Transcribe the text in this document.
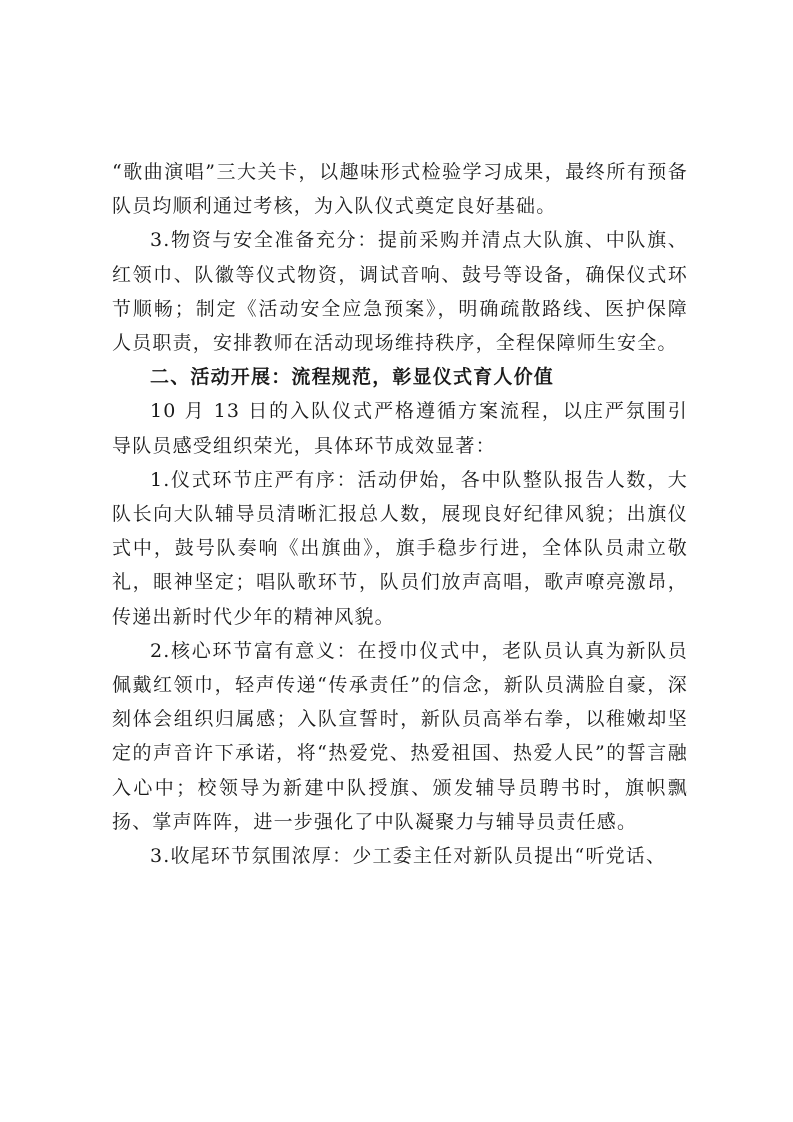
“歌曲演唱”三大关卡，以趣味形式检验学习成果，最终所有预备队员均顺利通过考核，为入队仪式奠定良好基础。

3.物资与安全准备充分：提前采购并清点大队旗、中队旗、红领巾、队徽等仪式物资，调试音响、鼓号等设备，确保仪式环节顺畅；制定《活动安全应急预案》，明确疏散路线、医护保障人员职责，安排教师在活动现场维持秩序，全程保障师生安全。

二、活动开展：流程规范，彰显仪式育人价值

10 月 13 日的入队仪式严格遵循方案流程，以庄严氛围引导队员感受组织荣光，具体环节成效显著：

1.仪式环节庄严有序：活动伊始，各中队整队报告人数，大队长向大队辅导员清晰汇报总人数，展现良好纪律风貌；出旗仪式中，鼓号队奏响《出旗曲》，旗手稳步行进，全体队员肃立敬礼，眼神坚定；唱队歌环节，队员们放声高唱，歌声嘹亮激昂，传递出新时代少年的精神风貌。

2.核心环节富有意义：在授巾仪式中，老队员认真为新队员佩戴红领巾，轻声传递“传承责任”的信念，新队员满脸自豪，深刻体会组织归属感；入队宣誓时，新队员高举右拳，以稚嫩却坚定的声音许下承诺，将“热爱党、热爱祖国、热爱人民”的誓言融入心中；校领导为新建中队授旗、颁发辅导员聘书时，旗帜飘扬、掌声阵阵，进一步强化了中队凝聚力与辅导员责任感。

3.收尾环节氛围浓厚：少工委主任对新队员提出“听党话、
